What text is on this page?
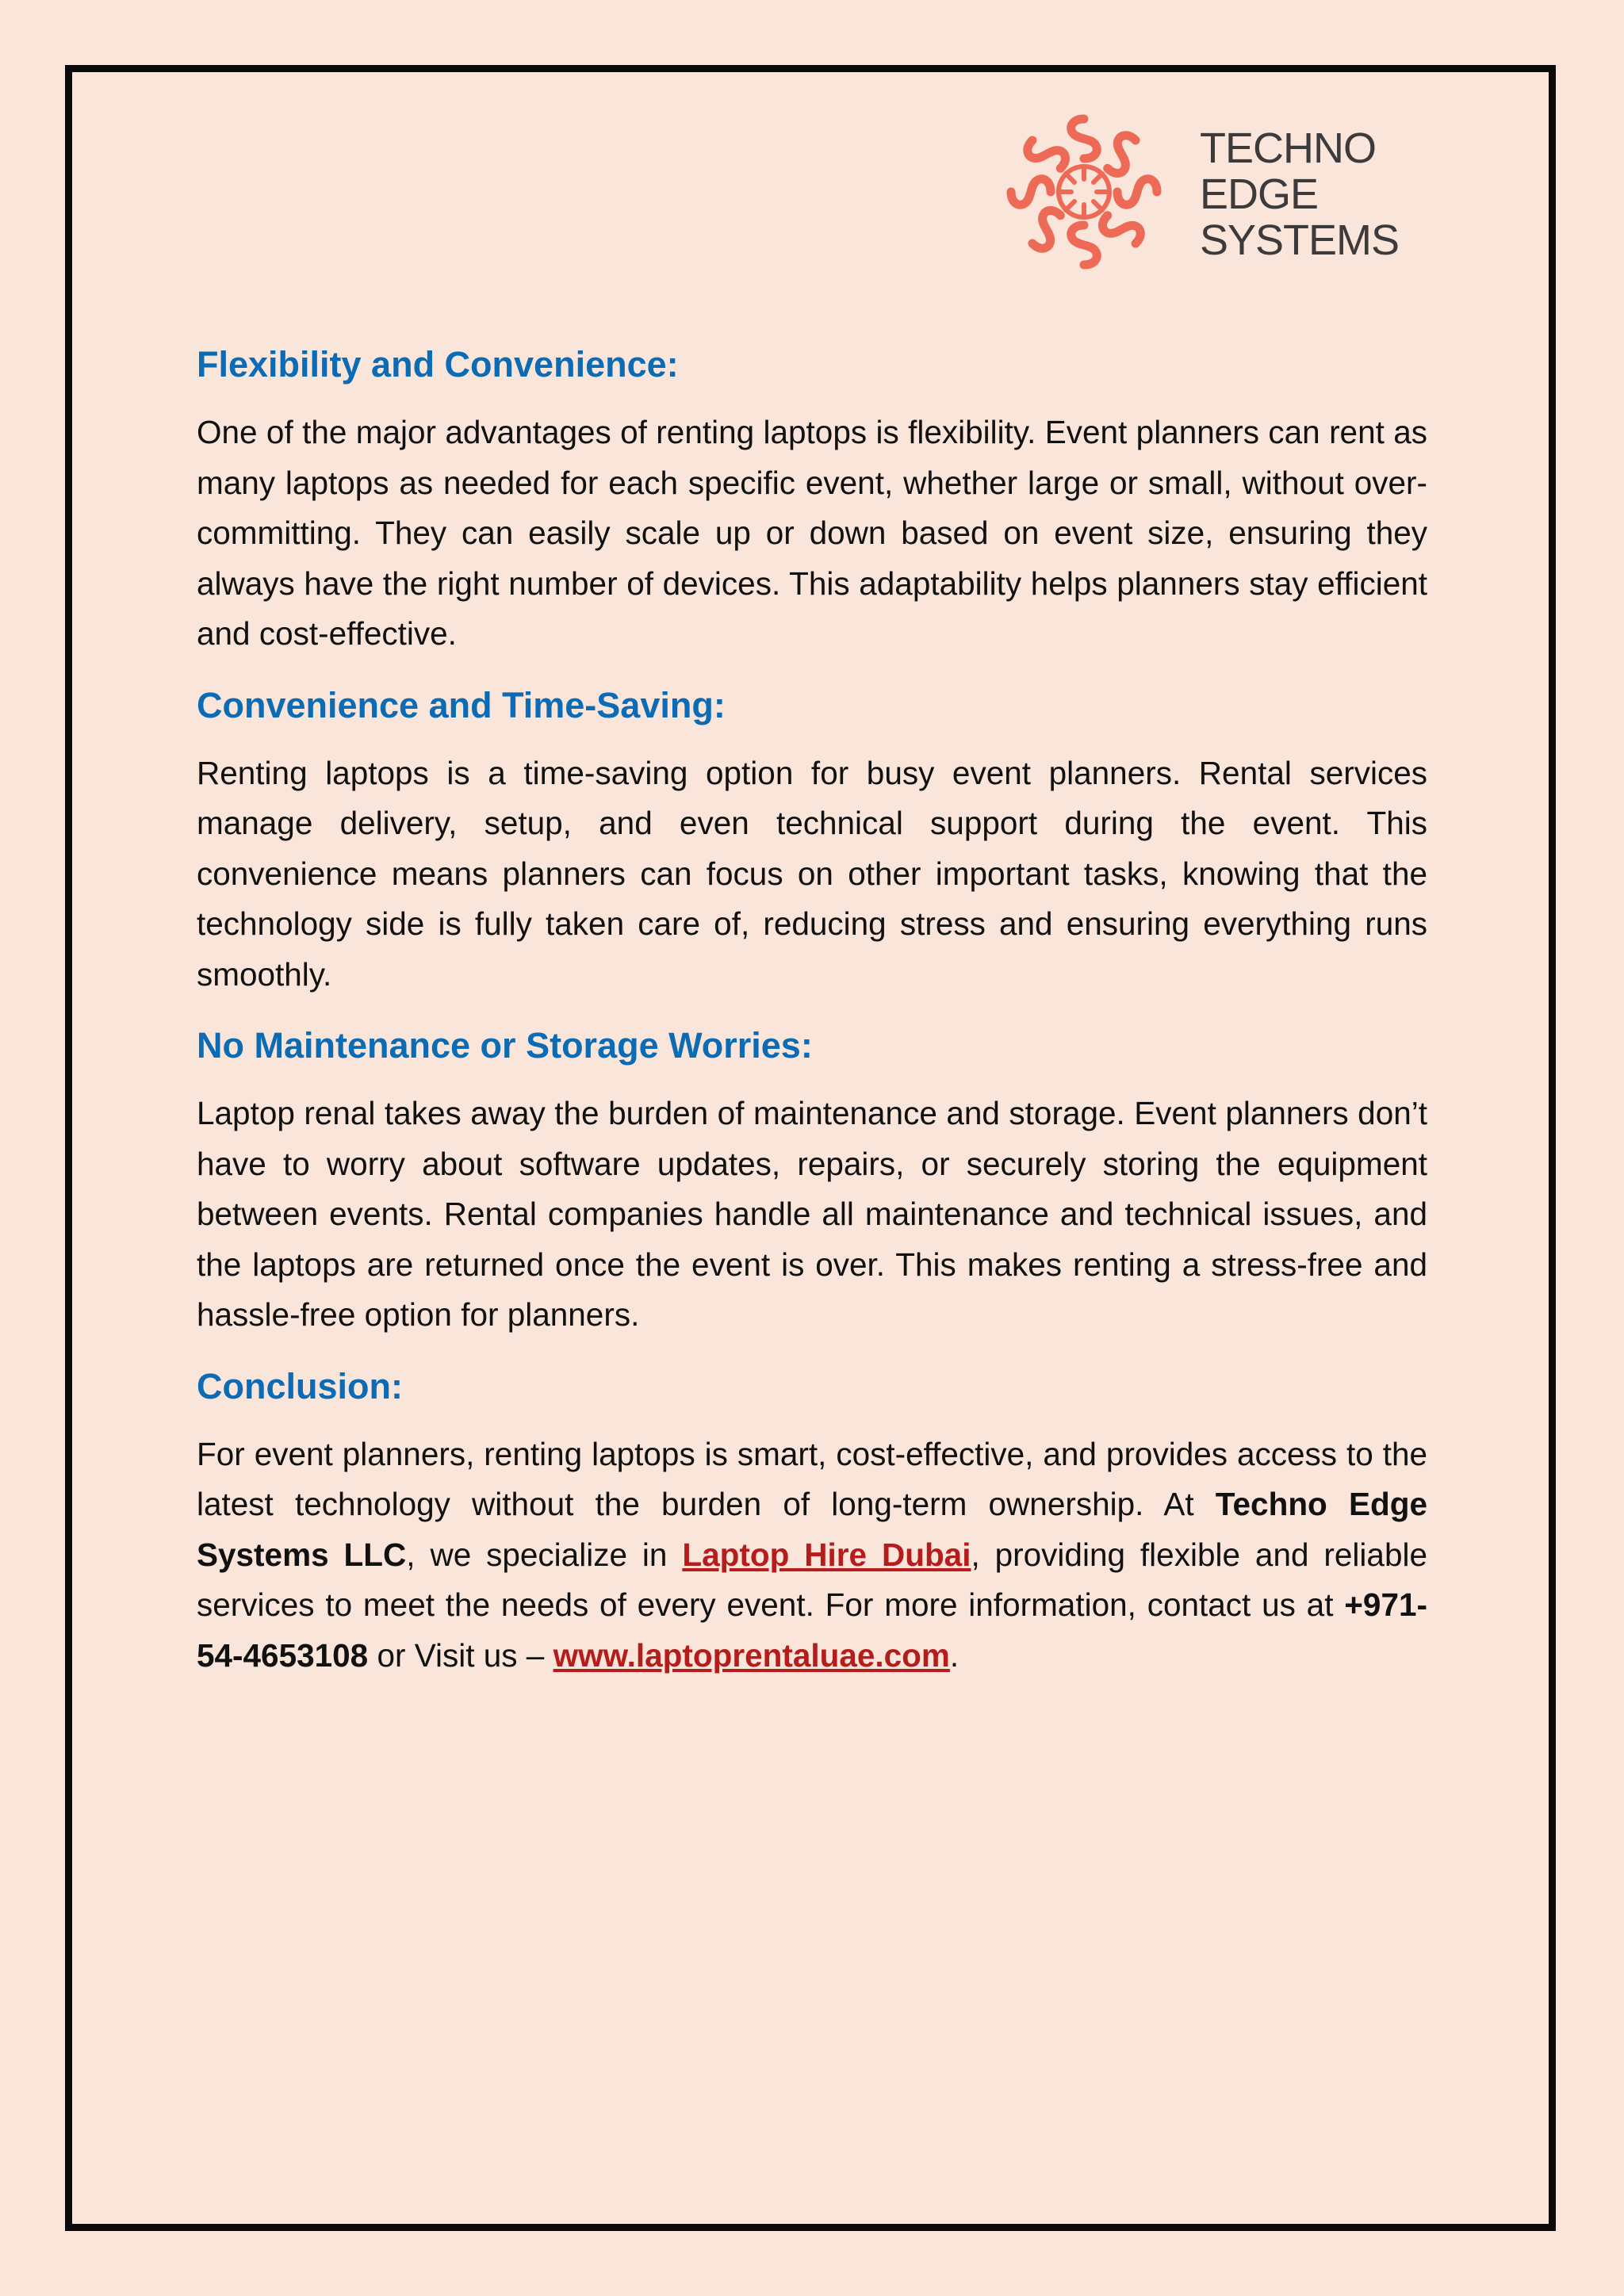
TECHNO
EDGE
SYSTEMS
Flexibility and Convenience:

One of the major advantages of renting laptops is flexibility. Event planners can rent as many laptops as needed for each specific event, whether large or small, without over-committing. They can easily scale up or down based on event size, ensuring they always have the right number of devices. This adaptability helps planners stay efficient and cost-effective.

Convenience and Time-Saving:

Renting laptops is a time-saving option for busy event planners. Rental services manage delivery, setup, and even technical support during the event. This convenience means planners can focus on other important tasks, knowing that the technology side is fully taken care of, reducing stress and ensuring everything runs smoothly.

No Maintenance or Storage Worries:

Laptop renal takes away the burden of maintenance and storage. Event planners don’t have to worry about software updates, repairs, or securely storing the equipment between events. Rental companies handle all maintenance and technical issues, and the laptops are returned once the event is over. This makes renting a stress-free and hassle-free option for planners.

Conclusion:

For event planners, renting laptops is smart, cost-effective, and provides access to the latest technology without the burden of long-term ownership. At Techno Edge Systems LLC, we specialize in Laptop Hire Dubai, providing flexible and reliable services to meet the needs of every event. For more information, contact us at +971-54-4653108 or Visit us – www.laptoprentaluae.com.
